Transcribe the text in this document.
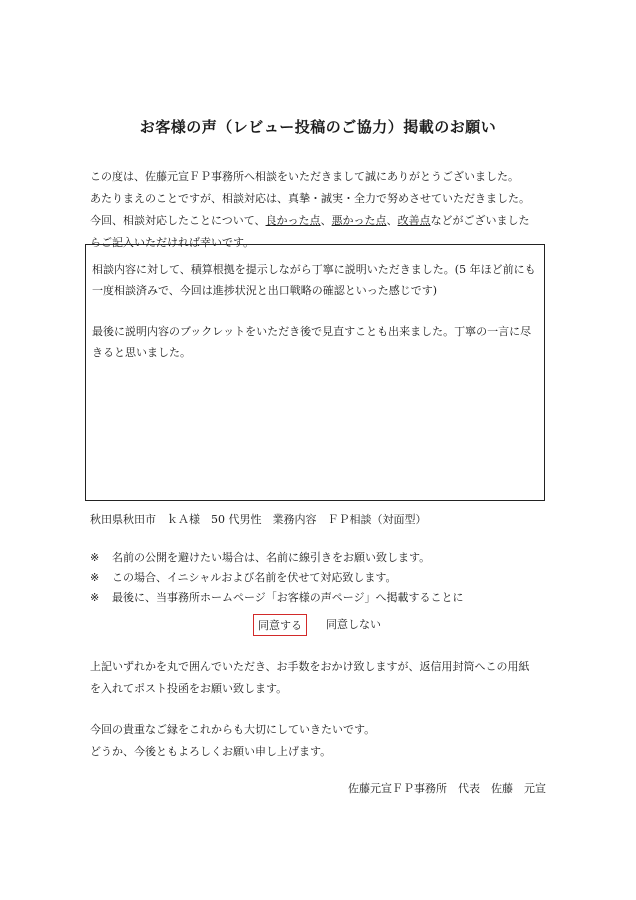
お客様の声（レビュー投稿のご協力）掲載のお願い

この度は、佐藤元宣ＦＰ事務所へ相談をいただきまして誠にありがとうございました。

あたりまえのことですが、相談対応は、真摯・誠実・全力で努めさせていただきました。

今回、相談対応したことについて、良かった点、悪かった点、改善点などがございました

らご記入いただければ幸いです。

相談内容に対して、積算根拠を提示しながら丁寧に説明いただきました。(5 年ほど前にも

一度相談済みで、今回は進捗状況と出口戦略の確認といった感じです)

最後に説明内容のブックレットをいただき後で見直すことも出来ました。丁寧の一言に尽

きると思いました。

秋田県秋田市　ｋＡ様　50 代男性　業務内容　ＦＰ相談（対面型）
※ 名前の公開を避けたい場合は、名前に線引きをお願い致します。
※ この場合、イニシャルおよび名前を伏せて対応致します。
※ 最後に、当事務所ホームページ「お客様の声ページ」へ掲載することに
同意する	同意しない

上記いずれかを丸で囲んでいただき、お手数をおかけ致しますが、返信用封筒へこの用紙

を入れてポスト投函をお願い致します。

今回の貴重なご縁をこれからも大切にしていきたいです。

どうか、今後ともよろしくお願い申し上げます。

佐藤元宣ＦＰ事務所　代表　佐藤　元宣
